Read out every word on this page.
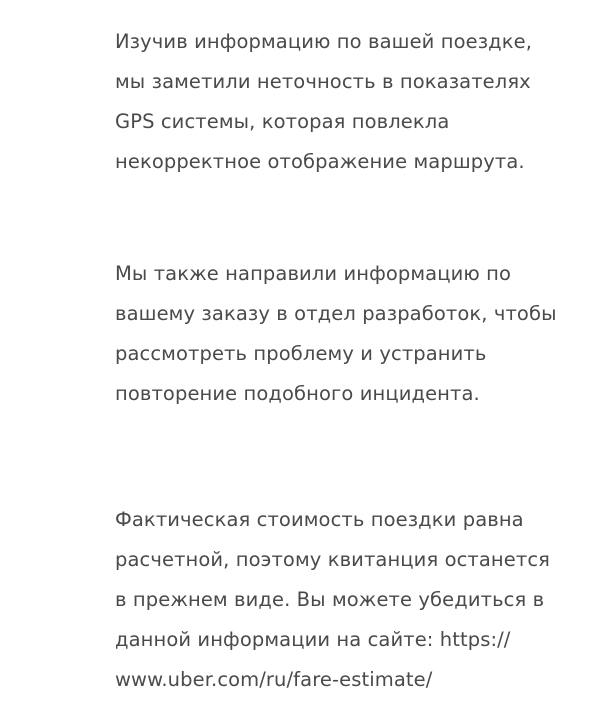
Изучив информацию по вашей поездке,
мы заметили неточность в показателях
GPS системы, которая повлекла
некорректное отображение маршрута.

Мы также направили информацию по
вашему заказу в отдел разработок, чтобы
рассмотреть проблему и устранить
повторение подобного инцидента.

Фактическая стоимость поездки равна
расчетной, поэтому квитанция останется
в прежнем виде. Вы можете убедиться в
данной информации на сайте: https://
www.uber.com/ru/fare-estimate/
